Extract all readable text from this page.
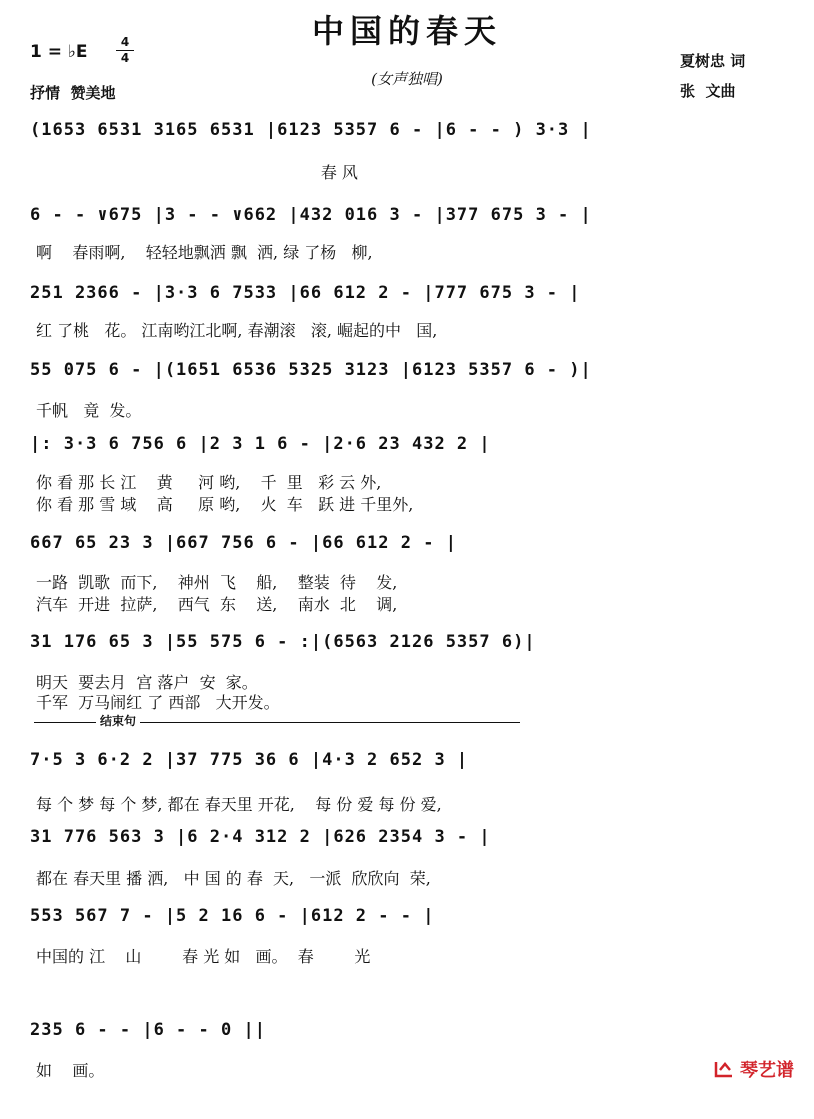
中国的春天
(女声独唱)
1 = ♭E	4
4
抒情  赞美地
夏树忠 词
张  文曲
(1653 6531 3165 6531 |6123 5357 6 - |6 - - ) 3·3 |
春 风
6 - - ∨675 |3 - - ∨662 |432 016 3 - |377 675 3 - |
啊    春雨啊,    轻轻地飘洒 飘  洒, 绿 了杨   柳,
251 2366 - |3·3 6 7533 |66 612 2 - |777 675 3 - |
红 了桃   花。 江南哟江北啊, 春潮滚   滚, 崛起的中   国,
55 075 6 - |(1651 6536 5325 3123 |6123 5357 6 - )|
千帆   竟  发。
|: 3·3 6 756 6 |2 3 1 6 - |2·6 23 432 2 |
你 看 那 长 江    黄     河 哟,    千  里   彩 云 外,
你 看 那 雪 域    高     原 哟,    火  车   跃 进 千里外,
667 65 23 3 |667 756 6 - |66 612 2 - |
一路  凯歌  而下,    神州  飞    船,    整装  待    发,
汽车  开进  拉萨,    西气  东    送,    南水  北    调,
31 176 65 3 |55 575 6 - :|(6563 2126 5357 6)|
明天  要去月  宫 落户  安  家。
千军  万马闹红 了 西部   大开发。
结束句
7·5 3 6·2 2 |37 775 36 6 |4·3 2 652 3 |
每 个 梦 每 个 梦, 都在 春天里 开花,    每 份 爱 每 份 爱,
31 776 563 3 |6 2·4 312 2 |626 2354 3 - |
都在 春天里 播 洒,   中 国 的 春  天,   一派  欣欣向  荣,
553 567 7 - |5 2 16 6 - |612 2 - - |
中国的 江    山        春 光 如   画。  春        光
235 6 - - |6 - - 0 ||
如    画。

	琴艺谱
